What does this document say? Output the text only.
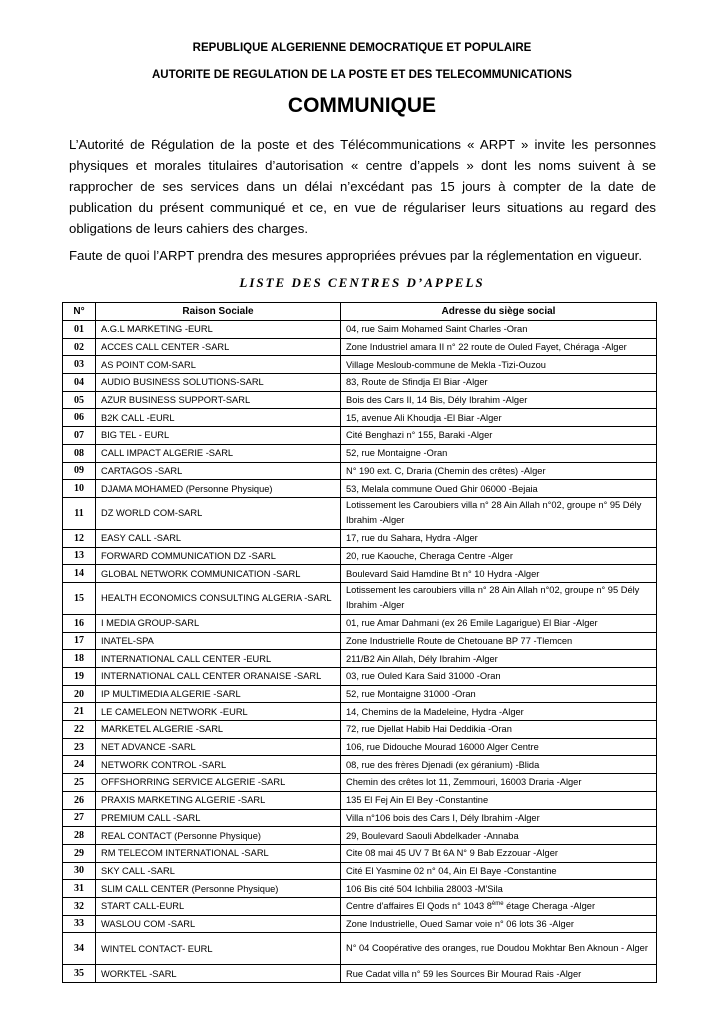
REPUBLIQUE ALGERIENNE DEMOCRATIQUE ET POPULAIRE
AUTORITE DE REGULATION DE LA POSTE ET DES TELECOMMUNICATIONS
COMMUNIQUE
L’Autorité de Régulation de la poste et des Télécommunications « ARPT » invite les personnes physiques et morales titulaires d’autorisation « centre d’appels » dont les noms suivent à se rapprocher de ses services dans un délai n’excédant pas 15 jours à compter de la date de publication du présent communiqué et ce, en vue de régulariser leurs situations au regard des obligations de leurs cahiers des charges.
Faute de quoi l’ARPT prendra des mesures appropriées prévues par la réglementation en vigueur.
LISTE DES CENTRES D’APPELS
N°	Raison Sociale	Adresse du siège social
01	A.G.L MARKETING -EURL	04, rue Saim Mohamed Saint Charles -Oran
02	ACCES CALL CENTER -SARL	Zone Industriel amara II n° 22 route de Ouled Fayet, Chéraga -Alger
03	AS POINT COM-SARL	Village Mesloub-commune de Mekla -Tizi-Ouzou
04	AUDIO BUSINESS SOLUTIONS-SARL	83, Route de Sfindja El Biar -Alger
05	AZUR BUSINESS SUPPORT-SARL	Bois des Cars II, 14 Bis, Dély Ibrahim -Alger
06	B2K CALL -EURL	15, avenue Ali Khoudja -El Biar -Alger
07	BIG TEL - EURL	Cité Benghazi n° 155, Baraki -Alger
08	CALL IMPACT ALGERIE -SARL	52, rue Montaigne -Oran
09	CARTAGOS -SARL	N° 190 ext. C, Draria (Chemin des crêtes) -Alger
10	DJAMA MOHAMED (Personne Physique)	53, Melala commune Oued Ghir 06000 -Bejaia
11	DZ WORLD COM-SARL	Lotissement les Caroubiers villa n° 28 Ain Allah n°02, groupe n° 95 Dély Ibrahim -Alger
12	EASY CALL -SARL	17, rue du Sahara, Hydra -Alger
13	FORWARD COMMUNICATION DZ -SARL	20, rue Kaouche, Cheraga Centre -Alger
14	GLOBAL NETWORK COMMUNICATION -SARL	Boulevard Said Hamdine Bt n° 10 Hydra -Alger
15	HEALTH ECONOMICS CONSULTING ALGERIA -SARL	Lotissement les caroubiers villa n° 28 Ain Allah n°02, groupe n° 95 Dély Ibrahim -Alger
16	I MEDIA GROUP-SARL	01, rue Amar Dahmani (ex 26 Emile Lagarigue) El Biar -Alger
17	INATEL-SPA	Zone Industrielle Route de Chetouane BP 77 -Tlemcen
18	INTERNATIONAL CALL CENTER -EURL	211/B2 Ain Allah, Dély Ibrahim -Alger
19	INTERNATIONAL CALL CENTER ORANAISE -SARL	03, rue Ouled Kara Said 31000 -Oran
20	IP MULTIMEDIA ALGERIE -SARL	52, rue Montaigne 31000 -Oran
21	LE CAMELEON NETWORK -EURL	14, Chemins de la Madeleine, Hydra -Alger
22	MARKETEL ALGERIE -SARL	72, rue Djellat Habib Hai Deddikia -Oran
23	NET ADVANCE -SARL	106, rue Didouche Mourad 16000 Alger Centre
24	NETWORK CONTROL -SARL	08, rue des frères Djenadi (ex géranium) -Blida
25	OFFSHORRING SERVICE ALGERIE -SARL	Chemin des crêtes lot 11, Zemmouri, 16003 Draria -Alger
26	PRAXIS MARKETING ALGERIE -SARL	135 El Fej Ain El Bey -Constantine
27	PREMIUM CALL -SARL	Villa n°106 bois des Cars I, Dély Ibrahim -Alger
28	REAL CONTACT (Personne Physique)	29, Boulevard Saouli Abdelkader -Annaba
29	RM TELECOM INTERNATIONAL -SARL	Cite 08 mai 45 UV 7 Bt 6A N° 9 Bab Ezzouar -Alger
30	SKY CALL -SARL	Cité El Yasmine 02 n° 04, Ain El Baye -Constantine
31	SLIM CALL CENTER (Personne Physique)	106 Bis cité 504 Ichbilia 28003 -M'Sila
32	START CALL-EURL	Centre d'affaires El Qods n° 1043 8ème étage Cheraga -Alger
33	WASLOU COM -SARL	Zone Industrielle, Oued Samar voie n° 06 lots 36 -Alger
34	WINTEL CONTACT- EURL	N° 04 Coopérative des oranges, rue Doudou Mokhtar Ben Aknoun - Alger
35	WORKTEL -SARL	Rue Cadat villa n° 59 les Sources Bir Mourad Rais -Alger
